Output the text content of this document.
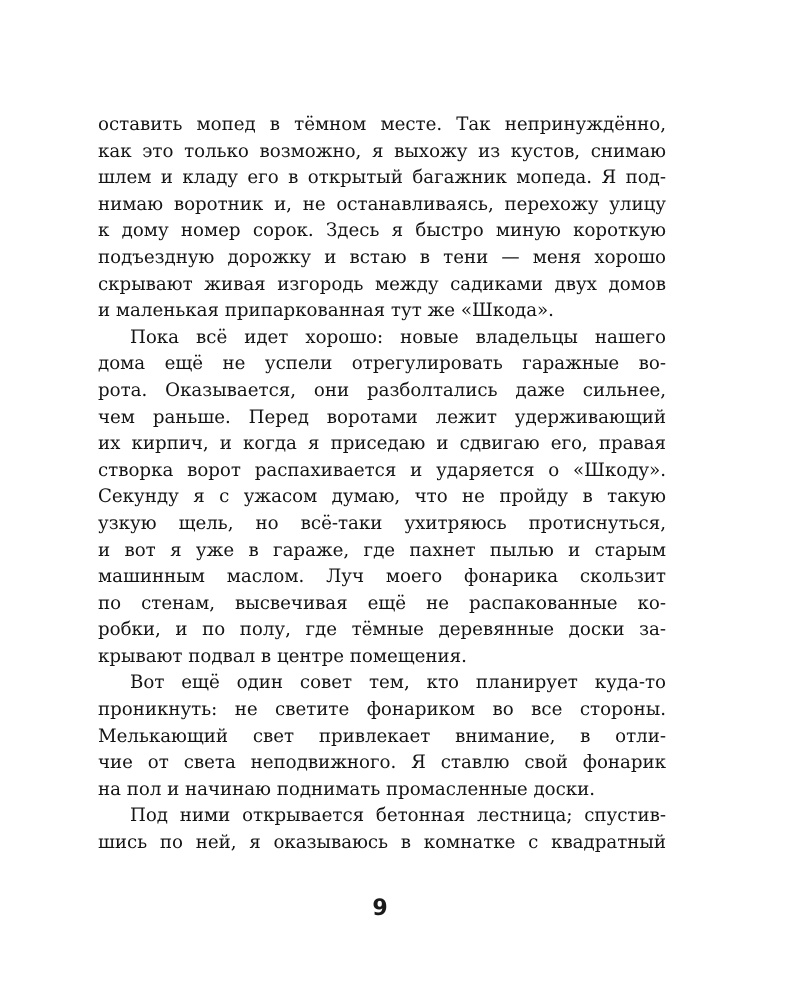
оставить мопед в тёмном месте. Так непринуждённо,
как это только возможно, я выхожу из кустов, снимаю
шлем и кладу его в открытый багажник мопеда. Я под-
нимаю воротник и, не останавливаясь, перехожу улицу
к дому номер сорок. Здесь я быстро миную короткую
подъездную дорожку и встаю в тени — меня хорошо
скрывают живая изгородь между садиками двух домов
и маленькая припаркованная тут же «Шкода».
Пока всё идет хорошо: новые владельцы нашего
дома ещё не успели отрегулировать гаражные во-
рота. Оказывается, они разболтались даже сильнее,
чем раньше. Перед воротами лежит удерживающий
их кирпич, и когда я приседаю и сдвигаю его, правая
створка ворот распахивается и ударяется о «Шкоду».
Секунду я с ужасом думаю, что не пройду в такую
узкую щель, но всё-таки ухитряюсь протиснуться,
и вот я уже в гараже, где пахнет пылью и старым
машинным маслом. Луч моего фонарика скользит
по стенам, высвечивая ещё не распакованные ко-
робки, и по полу, где тёмные деревянные доски за-
крывают подвал в центре помещения.
Вот ещё один совет тем, кто планирует куда-то
проникнуть: не светите фонариком во все стороны.
Мелькающий свет привлекает внимание, в отли-
чие от света неподвижного. Я ставлю свой фонарик
на пол и начинаю поднимать промасленные доски.
Под ними открывается бетонная лестница; спустив-
шись по ней, я оказываюсь в комнатке с квадратный
9
